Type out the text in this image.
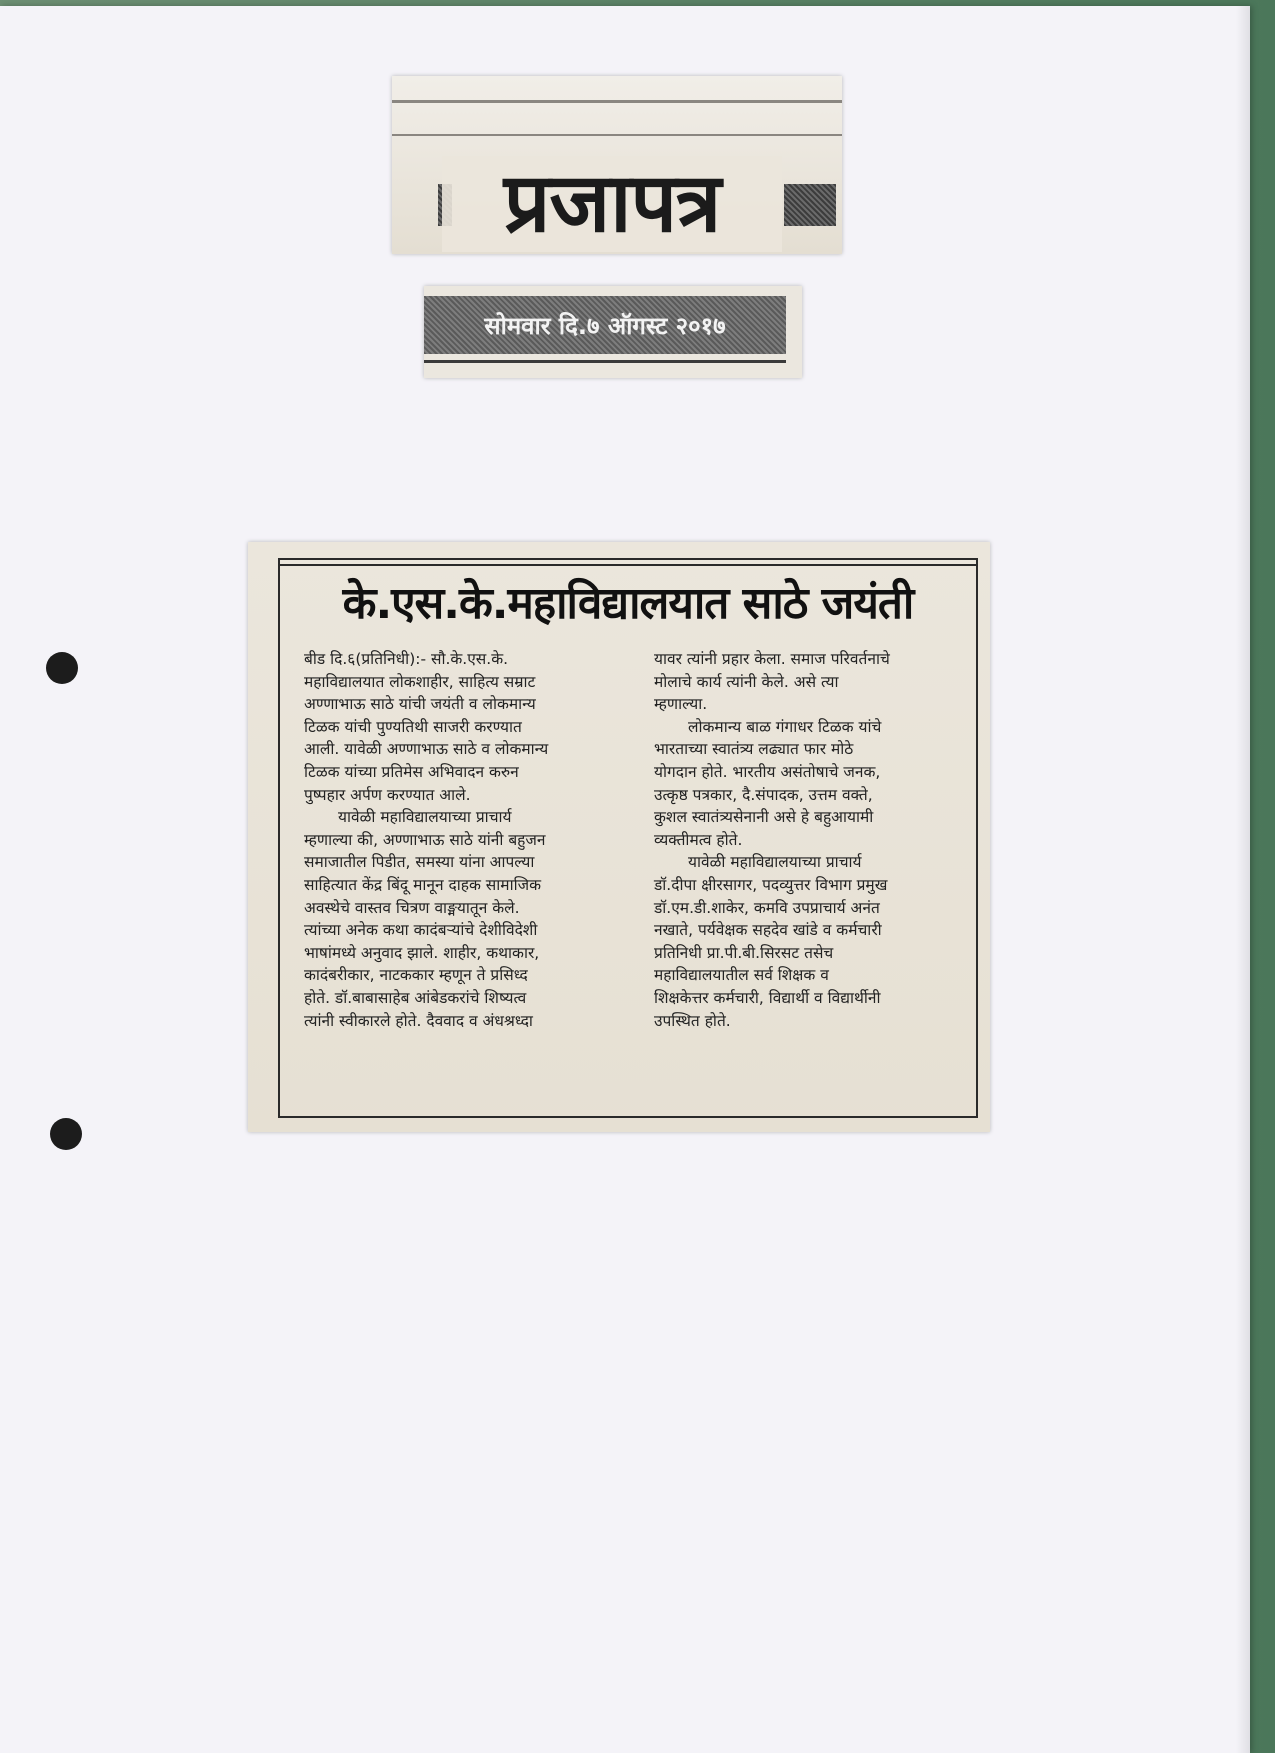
प्रजापत्र
सोमवार दि.७ ऑगस्ट २०१७
के.एस.के.महाविद्यालयात साठे जयंती

बीड दि.६(प्रतिनिधी):- सौ.के.एस.के.
महाविद्यालयात लोकशाहीर, साहित्य सम्राट
अण्णाभाऊ साठे यांची जयंती व लोकमान्य
टिळक यांची पुण्यतिथी साजरी करण्यात
आली. यावेळी अण्णाभाऊ साठे व लोकमान्य
टिळक यांच्या प्रतिमेस अभिवादन करुन
पुष्पहार अर्पण करण्यात आले.

यावेळी महाविद्यालयाच्या प्राचार्य
म्हणाल्या की, अण्णाभाऊ साठे यांनी बहुजन
समाजातील पिडीत, समस्या यांना आपल्या
साहित्यात केंद्र बिंदू मानून दाहक सामाजिक
अवस्थेचे वास्तव चित्रण वाङ्मयातून केले.
त्यांच्या अनेक कथा कादंबऱ्यांचे देशीविदेशी
भाषांमध्ये अनुवाद झाले. शाहीर, कथाकार,
कादंबरीकार, नाटककार म्हणून ते प्रसिध्द
होते. डॉ.बाबासाहेब आंबेडकरांचे शिष्यत्व
त्यांनी स्वीकारले होते. दैववाद व अंधश्रध्दा

यावर त्यांनी प्रहार केला. समाज परिवर्तनाचे
मोलाचे कार्य त्यांनी केले. असे त्या
म्हणाल्या.

लोकमान्य बाळ गंगाधर टिळक यांचे
भारताच्या स्वातंत्र्य लढ्यात फार मोठे
योगदान होते. भारतीय असंतोषाचे जनक,
उत्कृष्ठ पत्रकार, दै.संपादक, उत्तम वक्ते,
कुशल स्वातंत्र्यसेनानी असे हे बहुआयामी
व्यक्तीमत्व होते.

यावेळी महाविद्यालयाच्या प्राचार्य
डॉ.दीपा क्षीरसागर, पदव्युत्तर विभाग प्रमुख
डॉ.एम.डी.शाकेर, कमवि उपप्राचार्य अनंत
नखाते, पर्यवेक्षक सहदेव खांडे व कर्मचारी
प्रतिनिधी प्रा.पी.बी.सिरसट तसेच
महाविद्यालयातील सर्व शिक्षक व
शिक्षकेत्तर कर्मचारी, विद्यार्थी व विद्यार्थीनी
उपस्थित होते.
